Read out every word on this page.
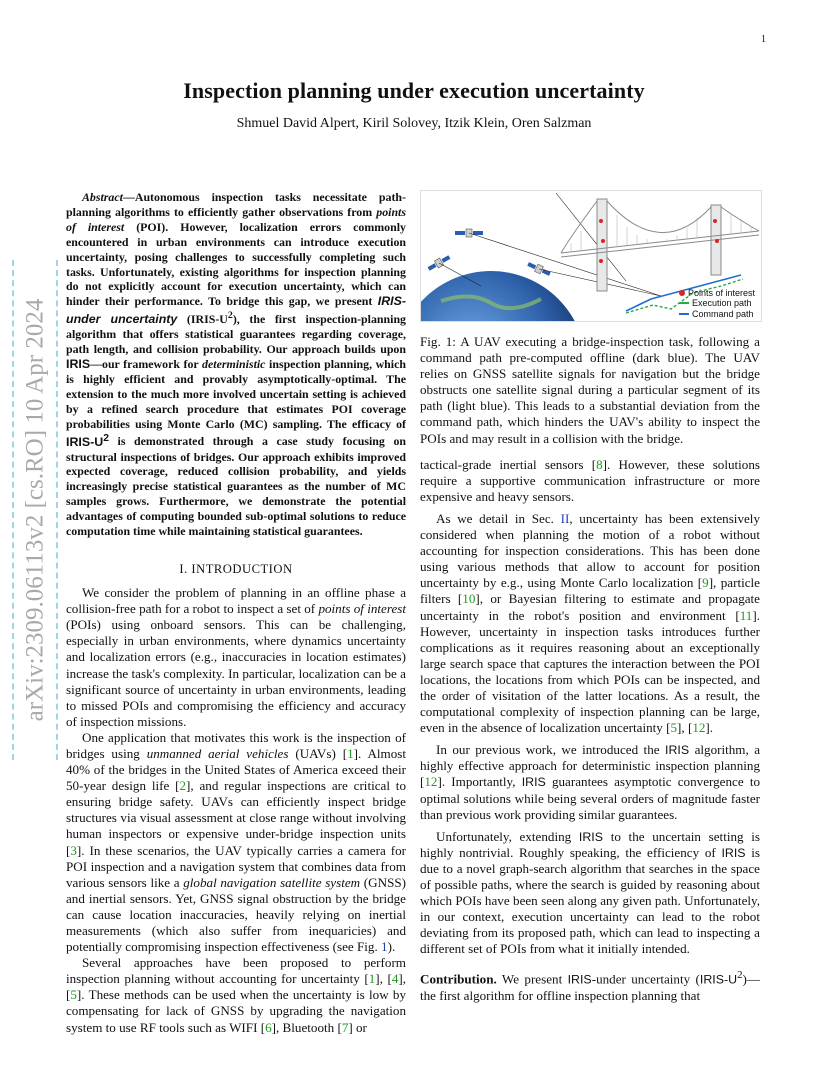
1
Inspection planning under execution uncertainty
Shmuel David Alpert, Kiril Solovey, Itzik Klein, Oren Salzman
arXiv:2309.06113v2 [cs.RO] 10 Apr 2024

Abstract—Autonomous inspection tasks necessitate path-planning algorithms to efficiently gather observations from points of interest (POI). However, localization errors commonly encountered in urban environments can introduce execution uncertainty, posing challenges to successfully completing such tasks. Unfortunately, existing algorithms for inspection planning do not explicitly account for execution uncertainty, which can hinder their performance. To bridge this gap, we present IRIS-under uncertainty $(IRIS-U^2)$, the first inspection-planning algorithm that offers statistical guarantees regarding coverage, path length, and collision probability. Our approach builds upon IRIS—our framework for deterministic inspection planning, which is highly efficient and provably asymptotically-optimal. The extension to the much more involved uncertain setting is achieved by a refined search procedure that estimates POI coverage probabilities using Monte Carlo (MC) sampling. The efficacy of IRIS-$U^2$ is demonstrated through a case study focusing on structural inspections of bridges. Our approach exhibits improved expected coverage, reduced collision probability, and yields increasingly precise statistical guarantees as the number of MC samples grows. Furthermore, we demonstrate the potential advantages of computing bounded sub-optimal solutions to reduce computation time while maintaining statistical guarantees.

I. INTRODUCTION

We consider the problem of planning in an offline phase a collision-free path for a robot to inspect a set of points of interest (POIs) using onboard sensors. This can be challenging, especially in urban environments, where dynamics uncertainty and localization errors (e.g., inaccuracies in location estimates) increase the task's complexity. In particular, localization can be a significant source of uncertainty in urban environments, leading to missed POIs and compromising the efficiency and accuracy of inspection missions.

One application that motivates this work is the inspection of bridges using unmanned aerial vehicles (UAVs) [1]. Almost 40% of the bridges in the United States of America exceed their 50-year design life [2], and regular inspections are critical to ensuring bridge safety. UAVs can efficiently inspect bridge structures via visual assessment at close range without involving human inspectors or expensive under-bridge inspection units [3]. In these scenarios, the UAV typically carries a camera for POI inspection and a navigation system that combines data from various sensors like a global navigation satellite system (GNSS) and inertial sensors. Yet, GNSS signal obstruction by the bridge can cause location inaccuracies, heavily relying on inertial measurements (which also suffer from inequaricies) and potentially compromising inspection effectiveness (see Fig. 1).

Several approaches have been proposed to perform inspection planning without accounting for uncertainty [1], [4], [5]. These methods can be used when the uncertainty is low by compensating for lack of GNSS by upgrading the navigation system to use RF tools such as WIFI [6], Bluetooth [7] or

Points of interest
Execution path
Command path

Fig. 1: A UAV executing a bridge-inspection task, following a command path pre-computed offline (dark blue). The UAV relies on GNSS satellite signals for navigation but the bridge obstructs one satellite signal during a particular segment of its path (light blue). This leads to a substantial deviation from the command path, which hinders the UAV's ability to inspect the POIs and may result in a collision with the bridge.

tactical-grade inertial sensors [8]. However, these solutions require a supportive communication infrastructure or more expensive and heavy sensors.

As we detail in Sec. II, uncertainty has been extensively considered when planning the motion of a robot without accounting for inspection considerations. This has been done using various methods that allow to account for position uncertainty by e.g., using Monte Carlo localization [9], particle filters [10], or Bayesian filtering to estimate and propagate uncertainty in the robot's position and environment [11]. However, uncertainty in inspection tasks introduces further complications as it requires reasoning about an exceptionally large search space that captures the interaction between the POI locations, the locations from which POIs can be inspected, and the order of visitation of the latter locations. As a result, the computational complexity of inspection planning can be large, even in the absence of localization uncertainty [5], [12].

In our previous work, we introduced the IRIS algorithm, a highly effective approach for deterministic inspection planning [12]. Importantly, IRIS guarantees asymptotic convergence to optimal solutions while being several orders of magnitude faster than previous work providing similar guarantees.

Unfortunately, extending IRIS to the uncertain setting is highly nontrivial. Roughly speaking, the efficiency of IRIS is due to a novel graph-search algorithm that searches in the space of possible paths, where the search is guided by reasoning about which POIs have been seen along any given path. Unfortunately, in our context, execution uncertainty can lead to the robot deviating from its proposed path, which can lead to inspecting a different set of POIs from what it initially intended.

Contribution. We present IRIS-under uncertainty $(IRIS-U^2)—the$ first algorithm for offline inspection planning that
